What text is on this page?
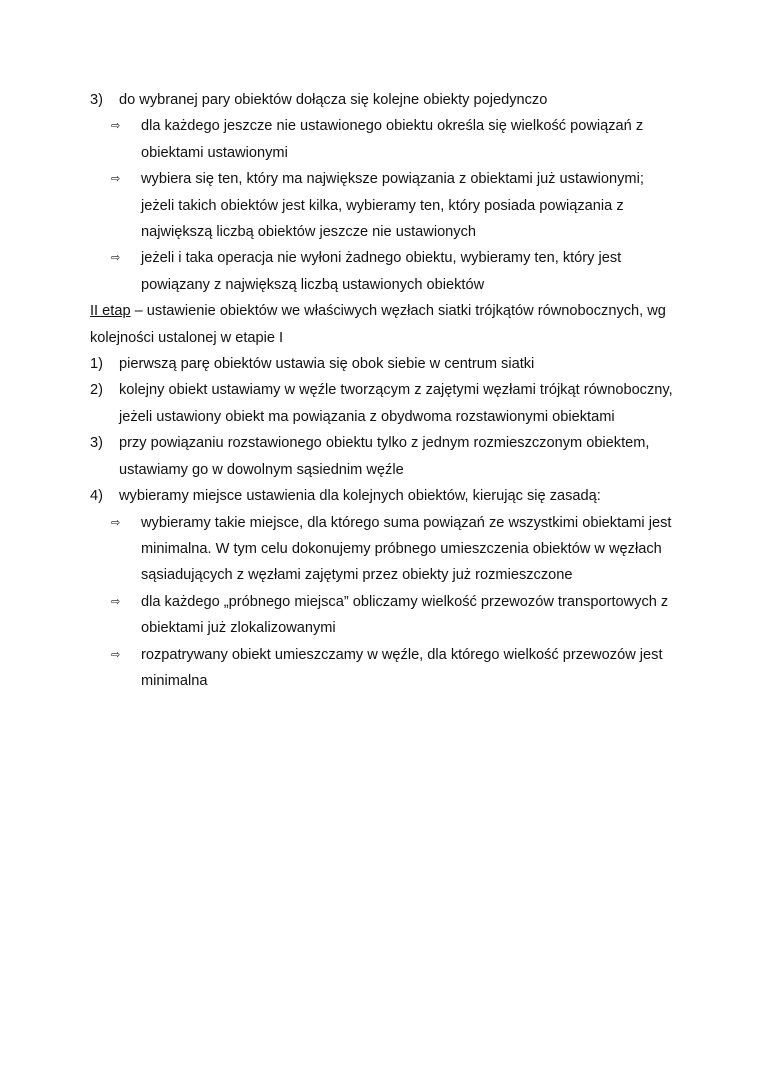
3) do wybranej pary obiektów dołącza się kolejne obiekty pojedynczo

⇨ dla każdego jeszcze nie ustawionego obiektu określa się wielkość powiązań z obiektami ustawionymi

⇨ wybiera się ten, który ma największe powiązania z obiektami już ustawionymi; jeżeli takich obiektów jest kilka, wybieramy ten, który posiada powiązania z największą liczbą obiektów jeszcze nie ustawionych

⇨ jeżeli i taka operacja nie wyłoni żadnego obiektu, wybieramy ten, który jest powiązany z największą liczbą ustawionych obiektów

II etap – ustawienie obiektów we właściwych węzłach siatki trójkątów równobocznych, wg kolejności ustalonej w etapie I

1) pierwszą parę obiektów ustawia się obok siebie w centrum siatki

2) kolejny obiekt ustawiamy w węźle tworzącym z zajętymi węzłami trójkąt równoboczny, jeżeli ustawiony obiekt ma powiązania z obydwoma rozstawionymi obiektami

3) przy powiązaniu rozstawionego obiektu tylko z jednym rozmieszczonym obiektem, ustawiamy go w dowolnym sąsiednim węźle

4) wybieramy miejsce ustawienia dla kolejnych obiektów, kierując się zasadą:

⇨ wybieramy takie miejsce, dla którego suma powiązań ze wszystkimi obiektami jest minimalna. W tym celu dokonujemy próbnego umieszczenia obiektów w węzłach sąsiadujących z węzłami zajętymi przez obiekty już rozmieszczone

⇨ dla każdego „próbnego miejsca” obliczamy wielkość przewozów transportowych z obiektami już zlokalizowanymi

⇨ rozpatrywany obiekt umieszczamy w węźle, dla którego wielkość przewozów jest minimalna
